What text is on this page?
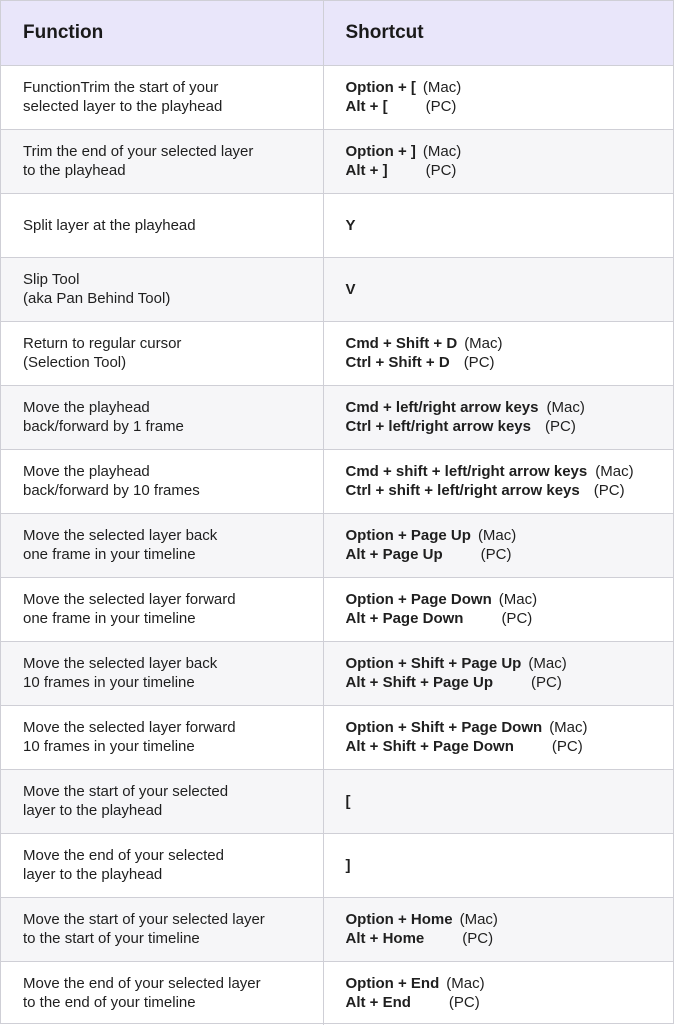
Function	Shortcut

FunctionTrim the start of your
selected layer to the playhead	Option + [ (Mac)
Alt + [ (PC)

Trim the end of your selected layer
to the playhead	Option + ] (Mac)
Alt + ] (PC)

Split layer at the playhead	Y

Slip Tool
(aka Pan Behind Tool)	V

Return to regular cursor
(Selection Tool)	Cmd + Shift + D (Mac)
Ctrl + Shift + D (PC)

Move the playhead
back/forward by 1 frame	Cmd + left/right arrow keys (Mac)
Ctrl + left/right arrow keys (PC)

Move the playhead
back/forward by 10 frames	Cmd + shift + left/right arrow keys (Mac)
Ctrl + shift + left/right arrow keys (PC)

Move the selected layer back
one frame in your timeline	Option + Page Up (Mac)
Alt + Page Up (PC)

Move the selected layer forward
one frame in your timeline	Option + Page Down (Mac)
Alt + Page Down (PC)

Move the selected layer back
10 frames in your timeline	Option + Shift + Page Up (Mac)
Alt + Shift + Page Up (PC)

Move the selected layer forward
10 frames in your timeline	Option + Shift + Page Down (Mac)
Alt + Shift + Page Down (PC)

Move the start of your selected
layer to the playhead	[

Move the end of your selected
layer to the playhead	]

Move the start of your selected layer
to the start of your timeline	Option + Home (Mac)
Alt + Home (PC)

Move the end of your selected layer
to the end of your timeline	Option + End (Mac)
Alt + End (PC)
